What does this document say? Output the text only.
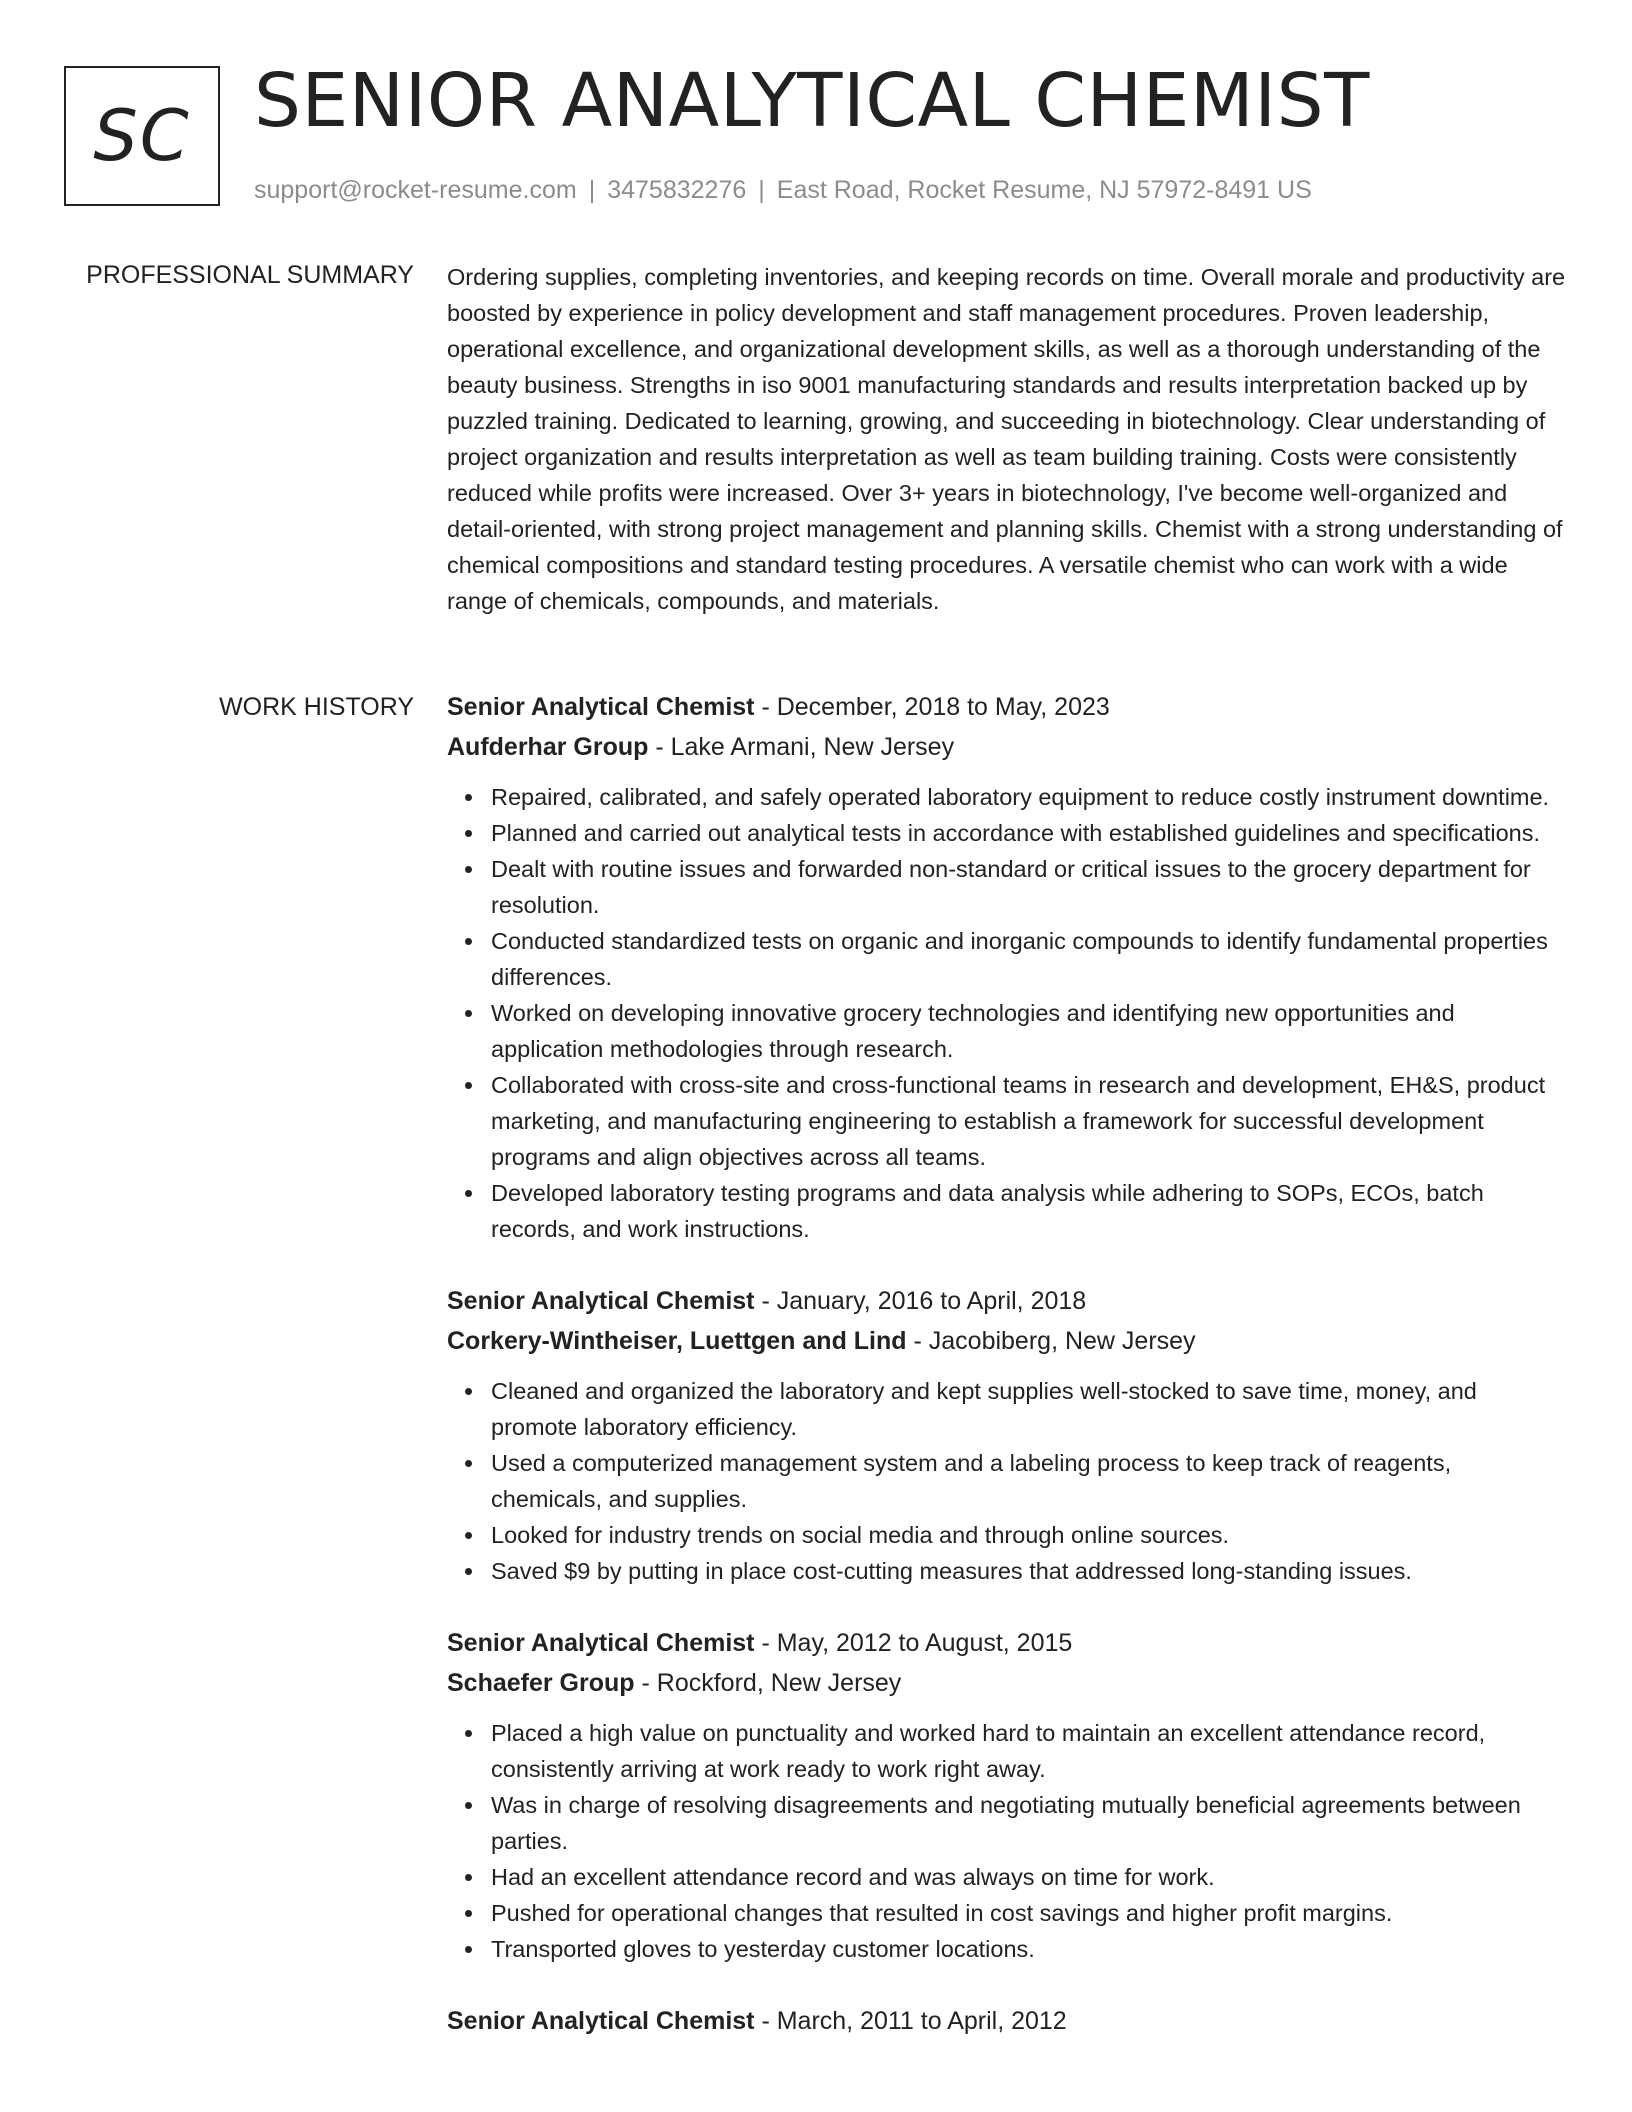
SC SENIOR ANALYTICAL CHEMIST
support@rocket-resume.com | 3475832276 | East Road, Rocket Resume, NJ 57972-8491 US
PROFESSIONAL SUMMARY Ordering supplies, completing inventories, and keeping records on time. Overall morale and productivity are boosted by experience in policy development and staff management procedures. Proven leadership, operational excellence, and organizational development skills, as well as a thorough understanding of the beauty business. Strengths in iso 9001 manufacturing standards and results interpretation backed up by puzzled training. Dedicated to learning, growing, and succeeding in biotechnology. Clear understanding of project organization and results interpretation as well as team building training. Costs were consistently reduced while profits were increased. Over 3+ years in biotechnology, I've become well-organized and detail-oriented, with strong project management and planning skills. Chemist with a strong understanding of chemical compositions and standard testing procedures. A versatile chemist who can work with a wide range of chemicals, compounds, and materials.

WORK HISTORY Senior Analytical Chemist - December, 2018 to May, 2023
Aufderhar Group - Lake Armani, New Jersey
Repaired, calibrated, and safely operated laboratory equipment to reduce costly instrument downtime.
Planned and carried out analytical tests in accordance with established guidelines and specifications.
Dealt with routine issues and forwarded non-standard or critical issues to the grocery department for resolution.
Conducted standardized tests on organic and inorganic compounds to identify fundamental properties differences.
Worked on developing innovative grocery technologies and identifying new opportunities and application methodologies through research.
Collaborated with cross-site and cross-functional teams in research and development, EH&S, product marketing, and manufacturing engineering to establish a framework for successful development programs and align objectives across all teams.
Developed laboratory testing programs and data analysis while adhering to SOPs, ECOs, batch records, and work instructions.
Senior Analytical Chemist - January, 2016 to April, 2018
Corkery-Wintheiser, Luettgen and Lind - Jacobiberg, New Jersey
Cleaned and organized the laboratory and kept supplies well-stocked to save time, money, and promote laboratory efficiency.
Used a computerized management system and a labeling process to keep track of reagents, chemicals, and supplies.
Looked for industry trends on social media and through online sources.
Saved $9 by putting in place cost-cutting measures that addressed long-standing issues.
Senior Analytical Chemist - May, 2012 to August, 2015
Schaefer Group - Rockford, New Jersey
Placed a high value on punctuality and worked hard to maintain an excellent attendance record, consistently arriving at work ready to work right away.
Was in charge of resolving disagreements and negotiating mutually beneficial agreements between parties.
Had an excellent attendance record and was always on time for work.
Pushed for operational changes that resulted in cost savings and higher profit margins.
Transported gloves to yesterday customer locations.
Senior Analytical Chemist - March, 2011 to April, 2012
